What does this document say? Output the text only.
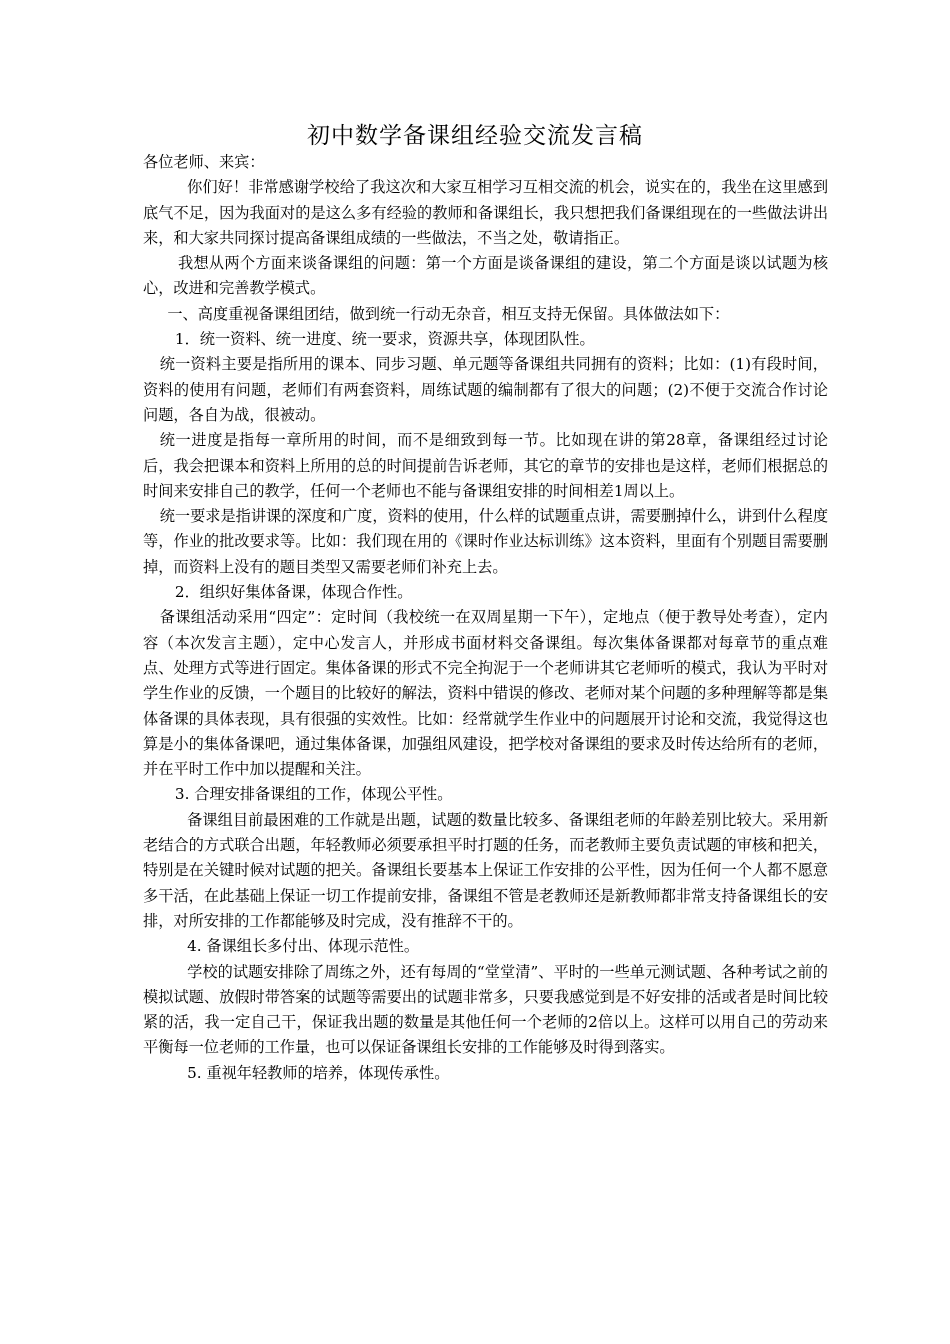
初中数学备课组经验交流发言稿

各位老师、来宾：

你们好！非常感谢学校给了我这次和大家互相学习互相交流的机会，说实在的，我坐在这里感到底气不足，因为我面对的是这么多有经验的教师和备课组长，我只想把我们备课组现在的一些做法讲出来，和大家共同探讨提高备课组成绩的一些做法，不当之处，敬请指正。

我想从两个方面来谈备课组的问题：第一个方面是谈备课组的建设，第二个方面是谈以试题为核心，改进和完善教学模式。

一、高度重视备课组团结，做到统一行动无杂音，相互支持无保留。具体做法如下：

1．统一资料、统一进度、统一要求，资源共享，体现团队性。

统一资料主要是指所用的课本、同步习题、单元题等备课组共同拥有的资料；比如：(1)有段时间，资料的使用有问题，老师们有两套资料，周练试题的编制都有了很大的问题；(2)不便于交流合作讨论问题，各自为战，很被动。

统一进度是指每一章所用的时间，而不是细致到每一节。比如现在讲的第28章，备课组经过讨论后，我会把课本和资料上所用的总的时间提前告诉老师，其它的章节的安排也是这样，老师们根据总的时间来安排自己的教学，任何一个老师也不能与备课组安排的时间相差1周以上。

统一要求是指讲课的深度和广度，资料的使用，什么样的试题重点讲，需要删掉什么，讲到什么程度等，作业的批改要求等。比如：我们现在用的《课时作业达标训练》这本资料，里面有个别题目需要删掉，而资料上没有的题目类型又需要老师们补充上去。

2．组织好集体备课，体现合作性。

备课组活动采用“四定”：定时间（我校统一在双周星期一下午），定地点（便于教导处考查），定内容（本次发言主题），定中心发言人，并形成书面材料交备课组。每次集体备课都对每章节的重点难点、处理方式等进行固定。集体备课的形式不完全拘泥于一个老师讲其它老师听的模式，我认为平时对学生作业的反馈，一个题目的比较好的解法，资料中错误的修改、老师对某个问题的多种理解等都是集体备课的具体表现，具有很强的实效性。比如：经常就学生作业中的问题展开讨论和交流，我觉得这也算是小的集体备课吧，通过集体备课，加强组风建设，把学校对备课组的要求及时传达给所有的老师，并在平时工作中加以提醒和关注。

3. 合理安排备课组的工作，体现公平性。

备课组目前最困难的工作就是出题，试题的数量比较多、备课组老师的年龄差别比较大。采用新老结合的方式联合出题，年轻教师必须要承担平时打题的任务，而老教师主要负责试题的审核和把关，特别是在关键时候对试题的把关。备课组长要基本上保证工作安排的公平性，因为任何一个人都不愿意多干活，在此基础上保证一切工作提前安排，备课组不管是老教师还是新教师都非常支持备课组长的安排，对所安排的工作都能够及时完成，没有推辞不干的。

4. 备课组长多付出、体现示范性。

学校的试题安排除了周练之外，还有每周的“堂堂清”、平时的一些单元测试题、各种考试之前的模拟试题、放假时带答案的试题等需要出的试题非常多，只要我感觉到是不好安排的活或者是时间比较紧的活，我一定自己干，保证我出题的数量是其他任何一个老师的2倍以上。这样可以用自己的劳动来平衡每一位老师的工作量，也可以保证备课组长安排的工作能够及时得到落实。

5. 重视年轻教师的培养，体现传承性。
